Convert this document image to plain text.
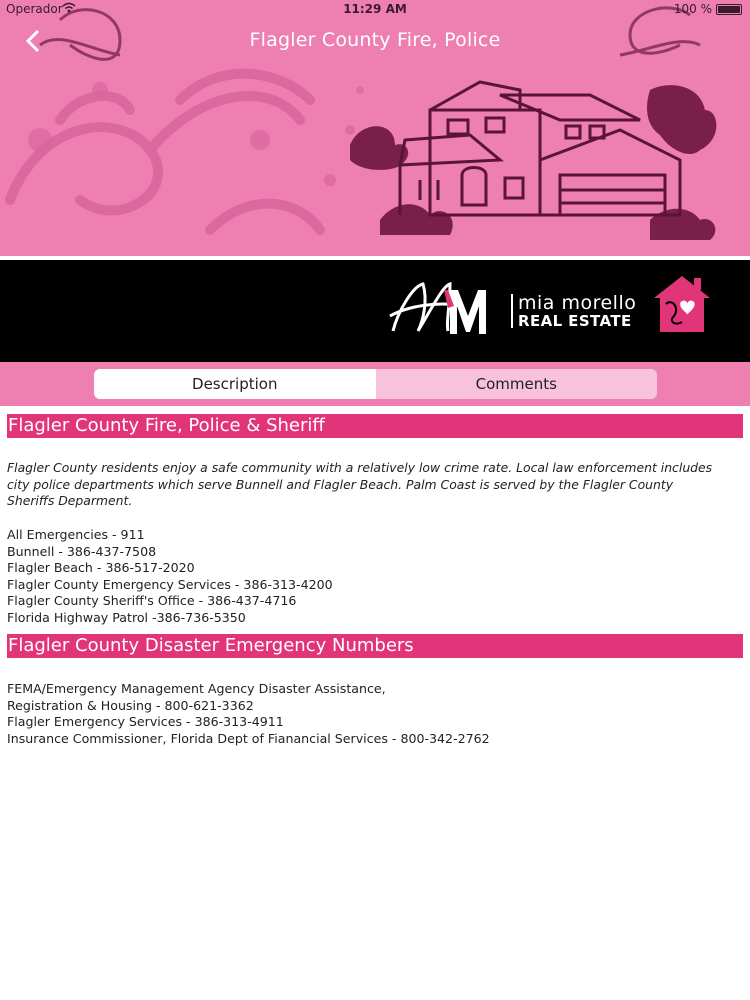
Operador	11:29 AM	100 %
Flagler County Fire, Police
mia morello
REAL ESTATE
Description	Comments
Flagler County Fire, Police & Sheriff
Flagler County residents enjoy a safe community with a relatively low crime rate. Local law enforcement includes
city police departments which serve Bunnell and Flagler Beach. Palm Coast is served by the Flagler County
Sheriffs Deparment.
All Emergencies - 911
Bunnell - 386-437-7508
Flagler Beach - 386-517-2020
Flagler County Emergency Services - 386-313-4200
Flagler County Sheriff's Office - 386-437-4716
Florida Highway Patrol -386-736-5350
Flagler County Disaster Emergency Numbers
FEMA/Emergency Management Agency Disaster Assistance,
Registration & Housing - 800-621-3362
Flagler Emergency Services - 386-313-4911
Insurance Commissioner, Florida Dept of Fianancial Services - 800-342-2762
